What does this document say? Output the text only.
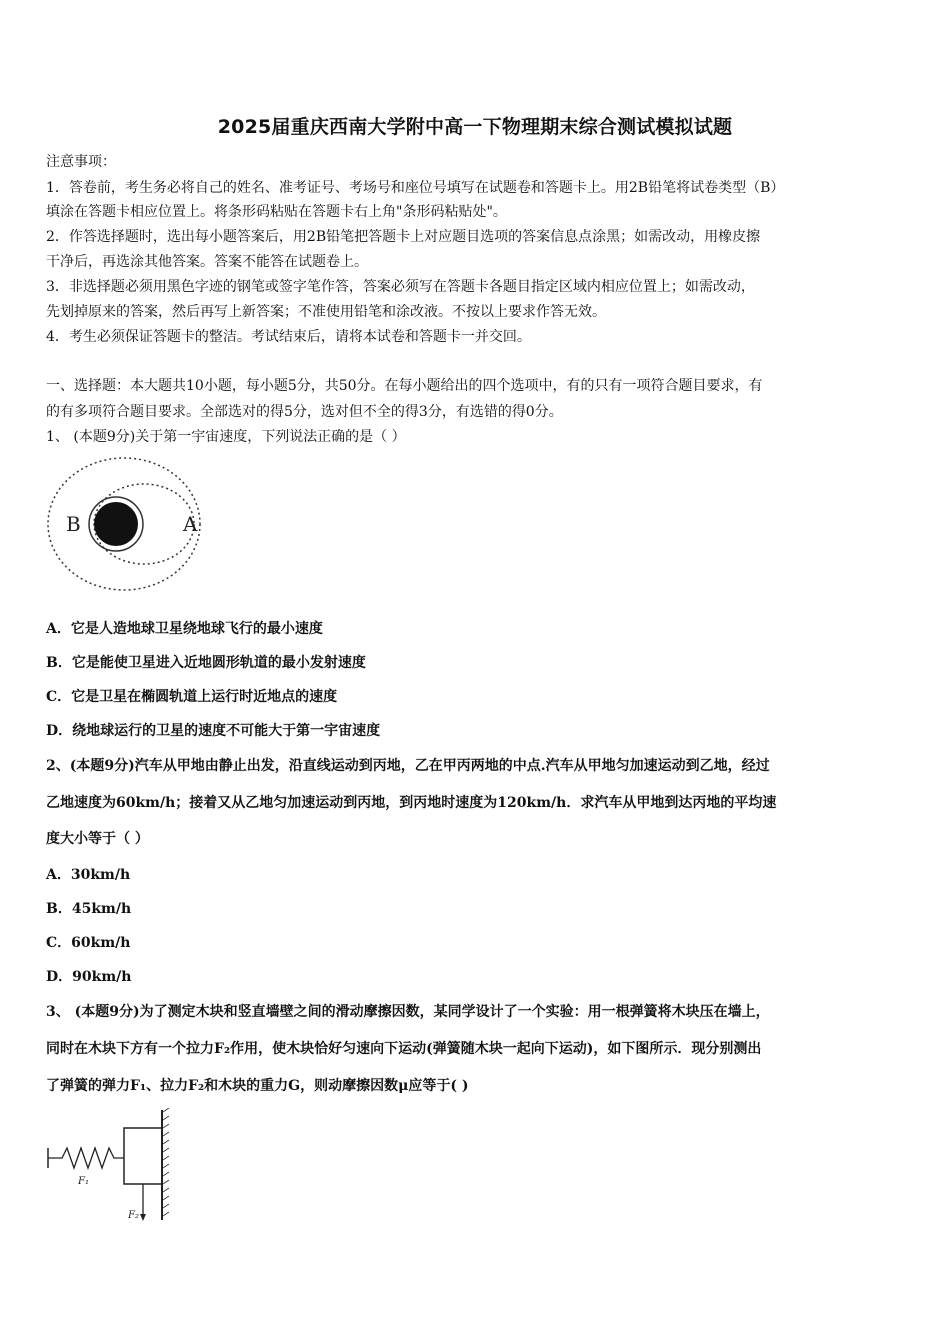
2025届重庆西南大学附中高一下物理期末综合测试模拟试题
注意事项：
1．答卷前，考生务必将自己的姓名、准考证号、考场号和座位号填写在试题卷和答题卡上。用2B铅笔将试卷类型（B）
填涂在答题卡相应位置上。将条形码粘贴在答题卡右上角"条形码粘贴处"。
2．作答选择题时，选出每小题答案后，用2B铅笔把答题卡上对应题目选项的答案信息点涂黑；如需改动，用橡皮擦
干净后，再选涂其他答案。答案不能答在试题卷上。
3．非选择题必须用黑色字迹的钢笔或签字笔作答，答案必须写在答题卡各题目指定区域内相应位置上；如需改动，
先划掉原来的答案，然后再写上新答案；不准使用铅笔和涂改液。不按以上要求作答无效。
4．考生必须保证答题卡的整洁。考试结束后，请将本试卷和答题卡一并交回。
一、选择题：本大题共10小题，每小题5分，共50分。在每小题给出的四个选项中，有的只有一项符合题目要求，有
的有多项符合题目要求。全部选对的得5分，选对但不全的得3分，有选错的得0分。
1、 (本题9分)关于第一宇宙速度，下列说法正确的是（ ）
B	A
A．它是人造地球卫星绕地球飞行的最小速度
B．它是能使卫星进入近地圆形轨道的最小发射速度
C．它是卫星在椭圆轨道上运行时近地点的速度
D．绕地球运行的卫星的速度不可能大于第一宇宙速度
2、(本题9分)汽车从甲地由静止出发，沿直线运动到丙地，乙在甲丙两地的中点.汽车从甲地匀加速运动到乙地，经过
乙地速度为60km/h；接着又从乙地匀加速运动到丙地，到丙地时速度为120km/h．求汽车从甲地到达丙地的平均速
度大小等于（ ）
A．30km/h
B．45km/h
C．60km/h
D．90km/h
3、 (本题9分)为了测定木块和竖直墙壁之间的滑动摩擦因数，某同学设计了一个实验：用一根弹簧将木块压在墙上，
同时在木块下方有一个拉力F₂作用，使木块恰好匀速向下运动(弹簧随木块一起向下运动)，如下图所示．现分别测出
了弹簧的弹力F₁、拉力F₂和木块的重力G，则动摩擦因数μ应等于( )
F₁
F₂
